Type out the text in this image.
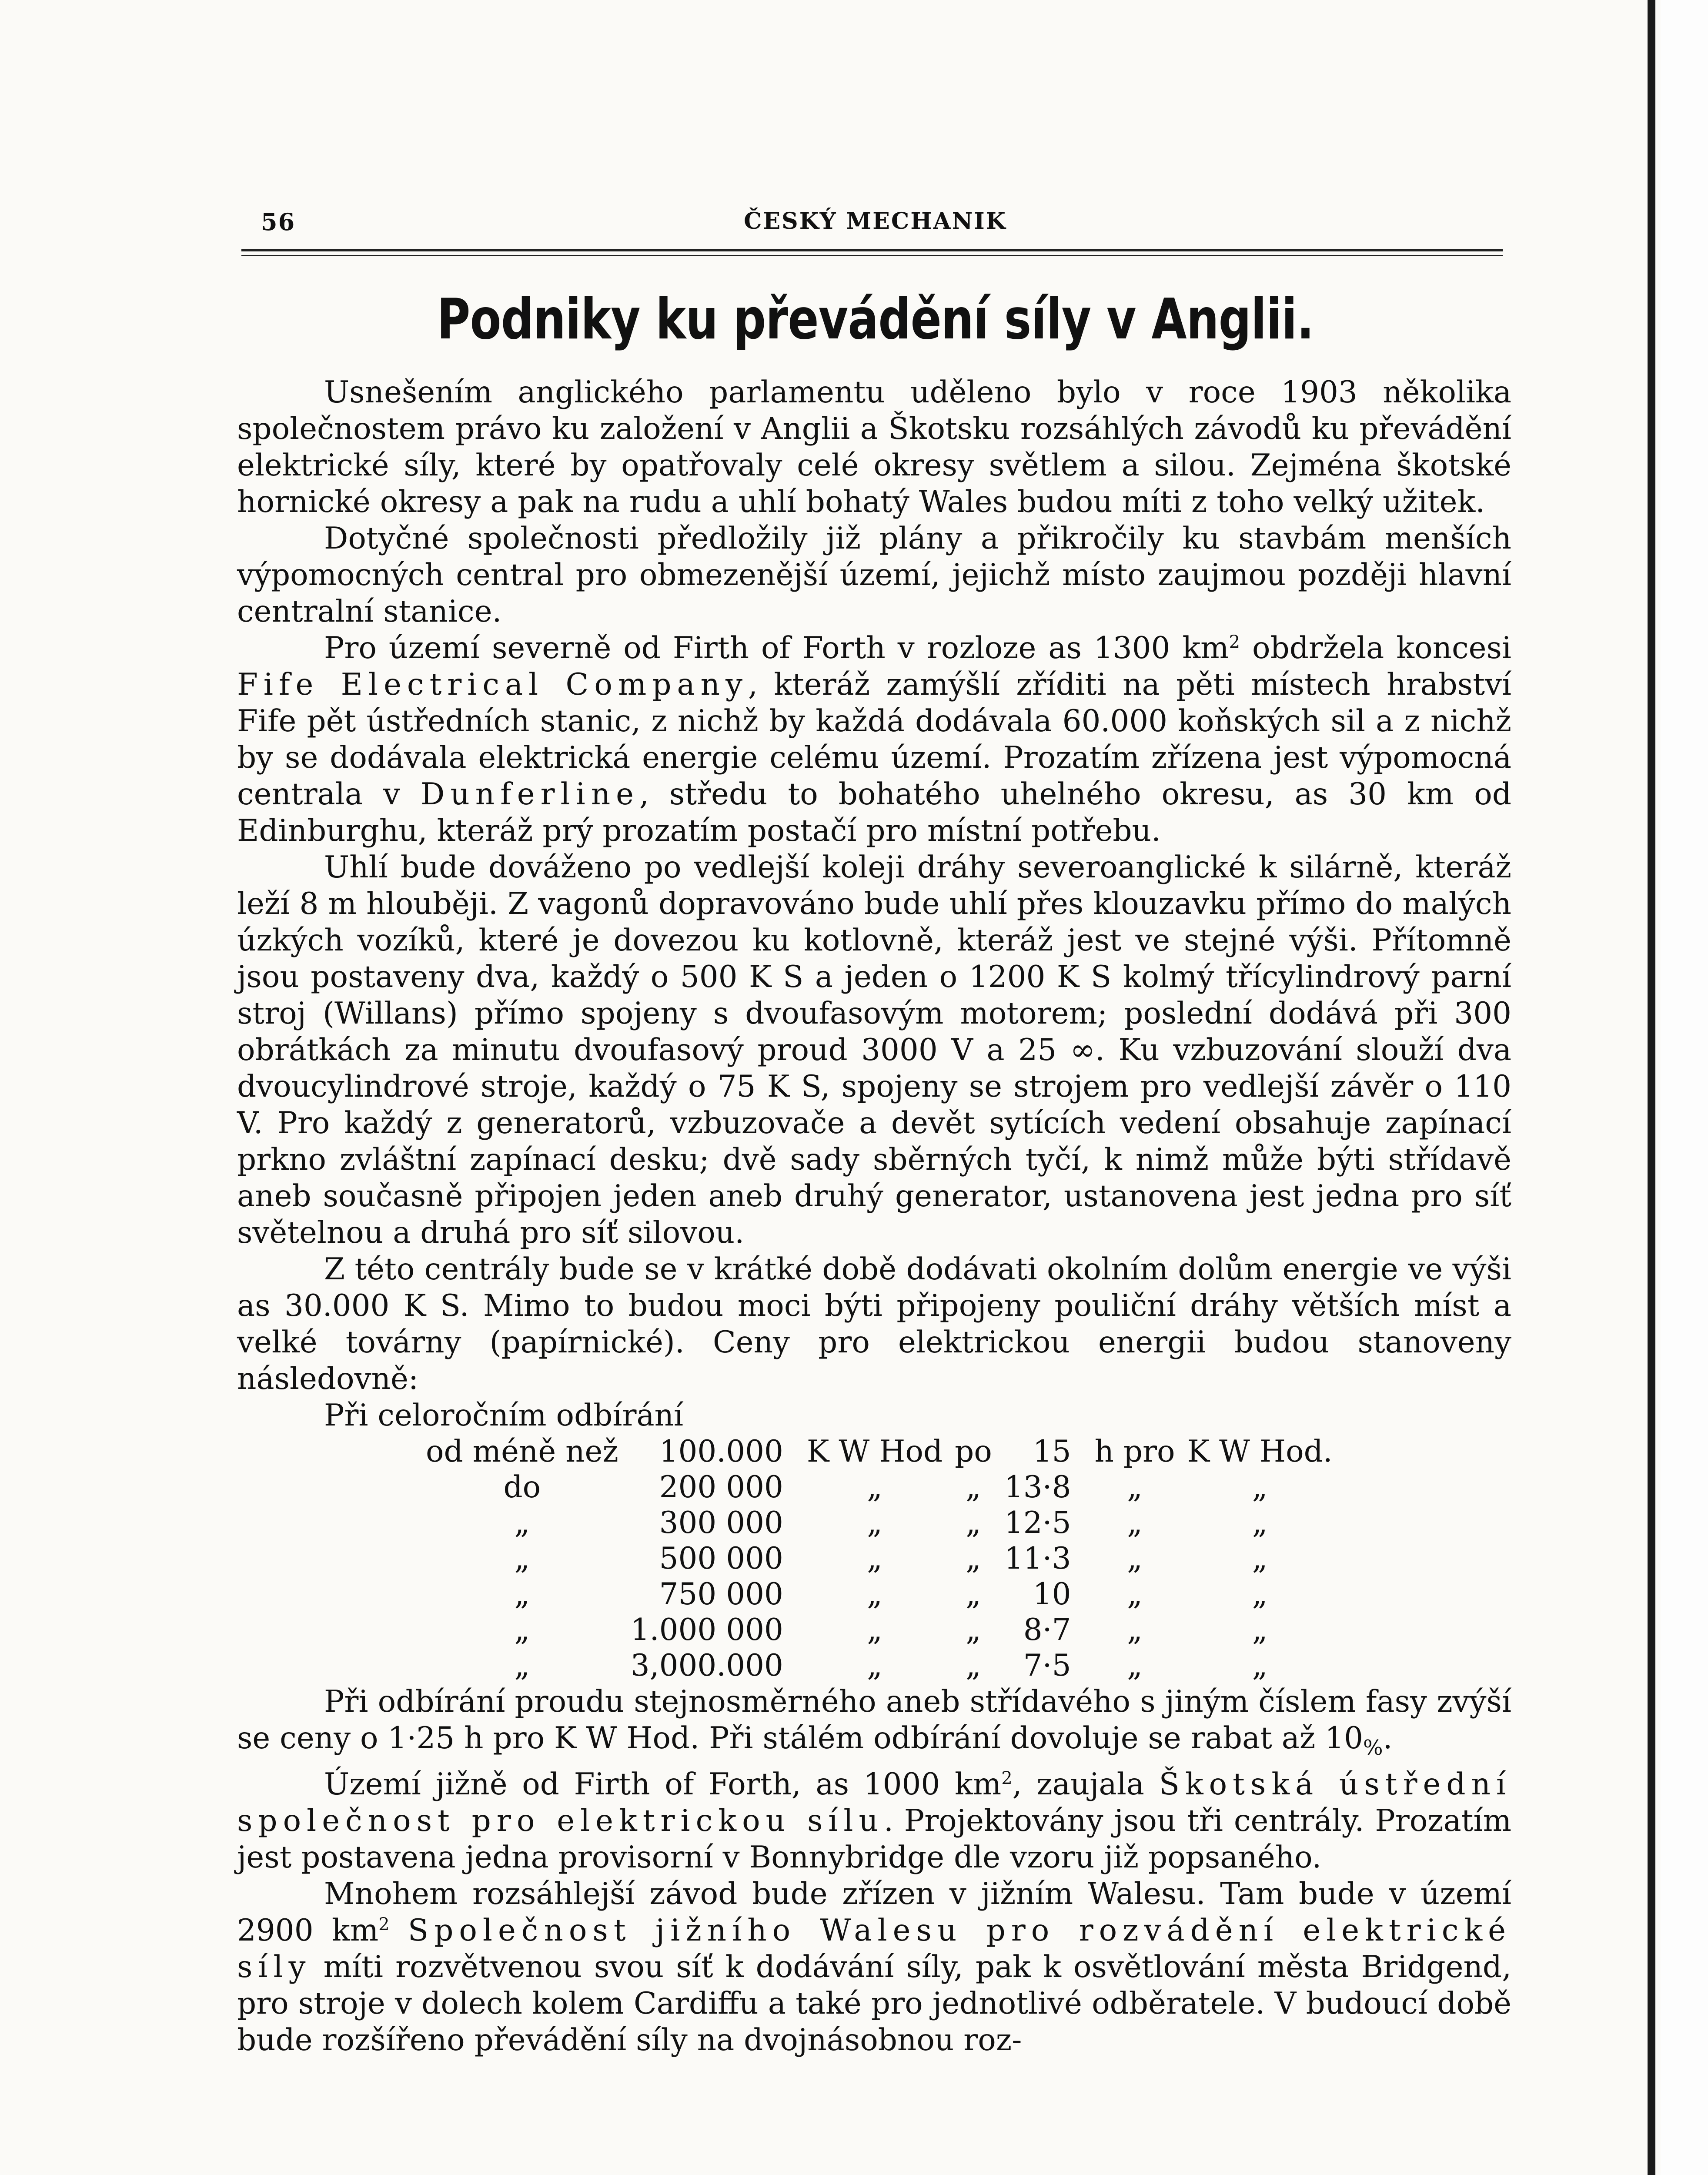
56	ČESKÝ MECHANIK
Podniky ku převádění síly v Anglii.

Usnešením anglického parlamentu uděleno bylo v roce 1903 několika společnostem právo ku založení v Anglii a Škotsku rozsáhlých závodů ku převádění elektrické síly, které by opatřovaly celé okresy světlem a silou. Zejména škotské hornické okresy a pak na rudu a uhlí bohatý Wales budou míti z toho velký užitek.

Dotyčné společnosti předložily již plány a přikročily ku stavbám menších výpomocných central pro obmezenější území, jejichž místo zaujmou později hlavní centralní stanice.

Pro území severně od Firth of Forth v rozloze as 1300 $km^2$ obdržela koncesi Fife Electrical Company, kteráž zamýšlí zříditi na pěti místech hrabství Fife pět ústředních stanic, z nichž by každá dodávala 60.000 koňských sil a z nichž by se dodávala elektrická energie celému území. Prozatím zřízena jest výpomocná centrala v Dunferline, středu to bohatého uhelného okresu, as 30 km od Edinburghu, kteráž prý prozatím postačí pro místní potřebu.

Uhlí bude dováženo po vedlejší koleji dráhy severoanglické k silárně, kteráž leží 8 m hlouběji. Z vagonů dopravováno bude uhlí přes klouzavku přímo do malých úzkých vozíků, které je dovezou ku kotlovně, kteráž jest ve stejné výši. Přítomně jsou postaveny dva, každý o 500 K S a jeden o 1200 K S kolmý třícylindrový parní stroj (Willans) přímo spojeny s dvoufasovým motorem; poslední dodává při 300 obrátkách za minutu dvoufasový proud 3000 V a 25 ∞. Ku vzbuzování slouží dva dvoucylindrové stroje, každý o 75 K S, spojeny se strojem pro vedlejší závěr o 110 V. Pro každý z generatorů, vzbuzovače a devět sytících vedení obsahuje zapínací prkno zvláštní zapínací desku; dvě sady sběrných tyčí, k nimž může býti střídavě aneb současně připojen jeden aneb druhý generator, ustanovena jest jedna pro síť světelnou a druhá pro síť silovou.

Z této centrály bude se v krátké době dodávati okolním dolům energie ve výši as 30.000 K S. Mimo to budou moci býti připojeny pouliční dráhy větších míst a velké továrny (papírnické). Ceny pro elektrickou energii budou stanoveny následovně:

Při celoročním odbírání

od méně než	100.000	K W Hod	po	15	h pro	K W Hod.
do	200 000	„	„	13·8	„	„
„	300 000	„	„	12·5	„	„
„	500 000	„	„	11·3	„	„
„	750 000	„	„	10	„	„
„	1.000 000	„	„	8·7	„	„
„	3,000.000	„	„	7·5	„	„

Při odbírání proudu stejnosměrného aneb střídavého s jiným číslem fasy zvýší se ceny o 1·25 h pro K W Hod. Při stálém odbírání dovoluje se rabat až $10_{\%}$.

Území jižně od Firth of Forth, as 1000 $km^2$, zaujala Škotská ústřední společnost pro elektrickou sílu. Projektovány jsou tři centrály. Prozatím jest postavena jedna provisorní v Bonnybridge dle vzoru již popsaného.

Mnohem rozsáhlejší závod bude zřízen v jižním Walesu. Tam bude v území 2900 $km^2$ Společnost jižního Walesu pro rozvádění elektrické síly míti rozvětvenou svou síť k dodávání síly, pak k osvětlování města Bridgend, pro stroje v dolech kolem Cardiffu a také pro jednotlivé odběratele. V budoucí době bude rozšířeno převádění síly na dvojnásobnou roz-
